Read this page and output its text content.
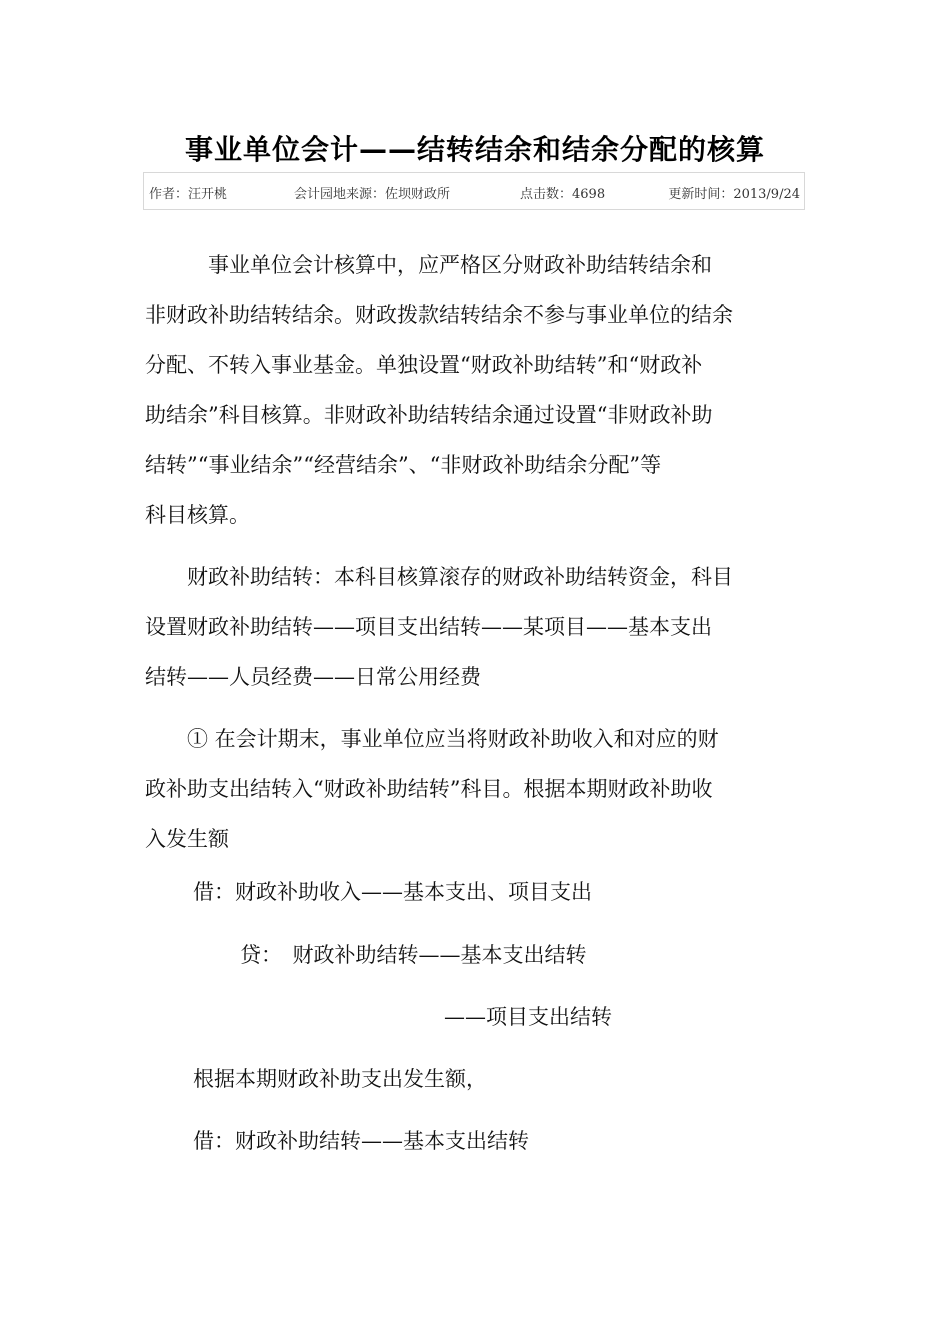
事业单位会计——结转结余和结余分配的核算
作者：汪开桃	会计园地来源：佐坝财政所	点击数：4698	更新时间：2013/9/24

　　　事业单位会计核算中，应严格区分财政补助结转结余和
非财政补助结转结余。财政拨款结转结余不参与事业单位的结余
分配、不转入事业基金。单独设置“财政补助结转”和“财政补
助结余”科目核算。非财政补助结转结余通过设置“非财政补助
结转”“事业结余”“经营结余”、“非财政补助结余分配”等
科目核算。

　　财政补助结转：本科目核算滚存的财政补助结转资金，科目
设置财政补助结转——项目支出结转——某项目——基本支出
结转——人员经费——日常公用经费

　　① 在会计期末，事业单位应当将财政补助收入和对应的财
政补助支出结转入“财政补助结转”科目。根据本期财政补助收
入发生额

借：财政补助收入——基本支出、项目支出
贷：　财政补助结转——基本支出结转
——项目支出结转
根据本期财政补助支出发生额，
借：财政补助结转——基本支出结转
